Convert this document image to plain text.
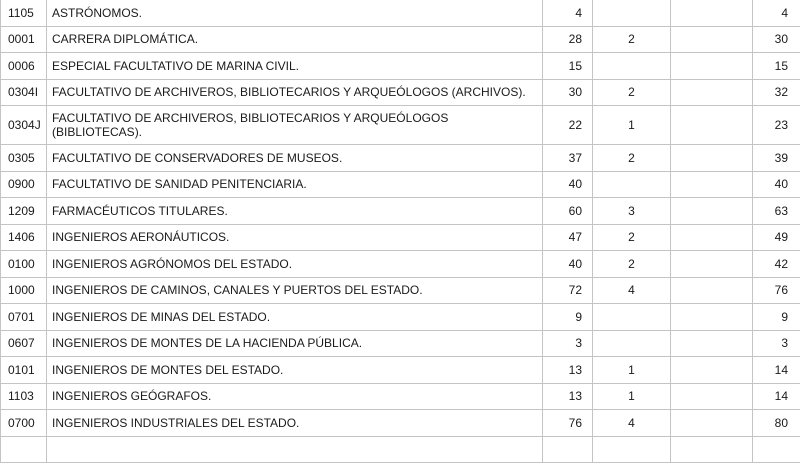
1105	ASTRÓNOMOS.	4			4
0001	CARRERA DIPLOMÁTICA.	28	2		30
0006	ESPECIAL FACULTATIVO DE MARINA CIVIL.	15			15
0304I	FACULTATIVO DE ARCHIVEROS, BIBLIOTECARIOS Y ARQUEÓLOGOS (ARCHIVOS).	30	2		32
0304J	FACULTATIVO DE ARCHIVEROS, BIBLIOTECARIOS Y ARQUEÓLOGOS (BIBLIOTECAS).	22	1		23
0305	FACULTATIVO DE CONSERVADORES DE MUSEOS.	37	2		39
0900	FACULTATIVO DE SANIDAD PENITENCIARIA.	40			40
1209	FARMACÉUTICOS TITULARES.	60	3		63
1406	INGENIEROS AERONÁUTICOS.	47	2		49
0100	INGENIEROS AGRÓNOMOS DEL ESTADO.	40	2		42
1000	INGENIEROS DE CAMINOS, CANALES Y PUERTOS DEL ESTADO.	72	4		76
0701	INGENIEROS DE MINAS DEL ESTADO.	9			9
0607	INGENIEROS DE MONTES DE LA HACIENDA PÚBLICA.	3			3
0101	INGENIEROS DE MONTES DEL ESTADO.	13	1		14
1103	INGENIEROS GEÓGRAFOS.	13	1		14
0700	INGENIEROS INDUSTRIALES DEL ESTADO.	76	4		80
